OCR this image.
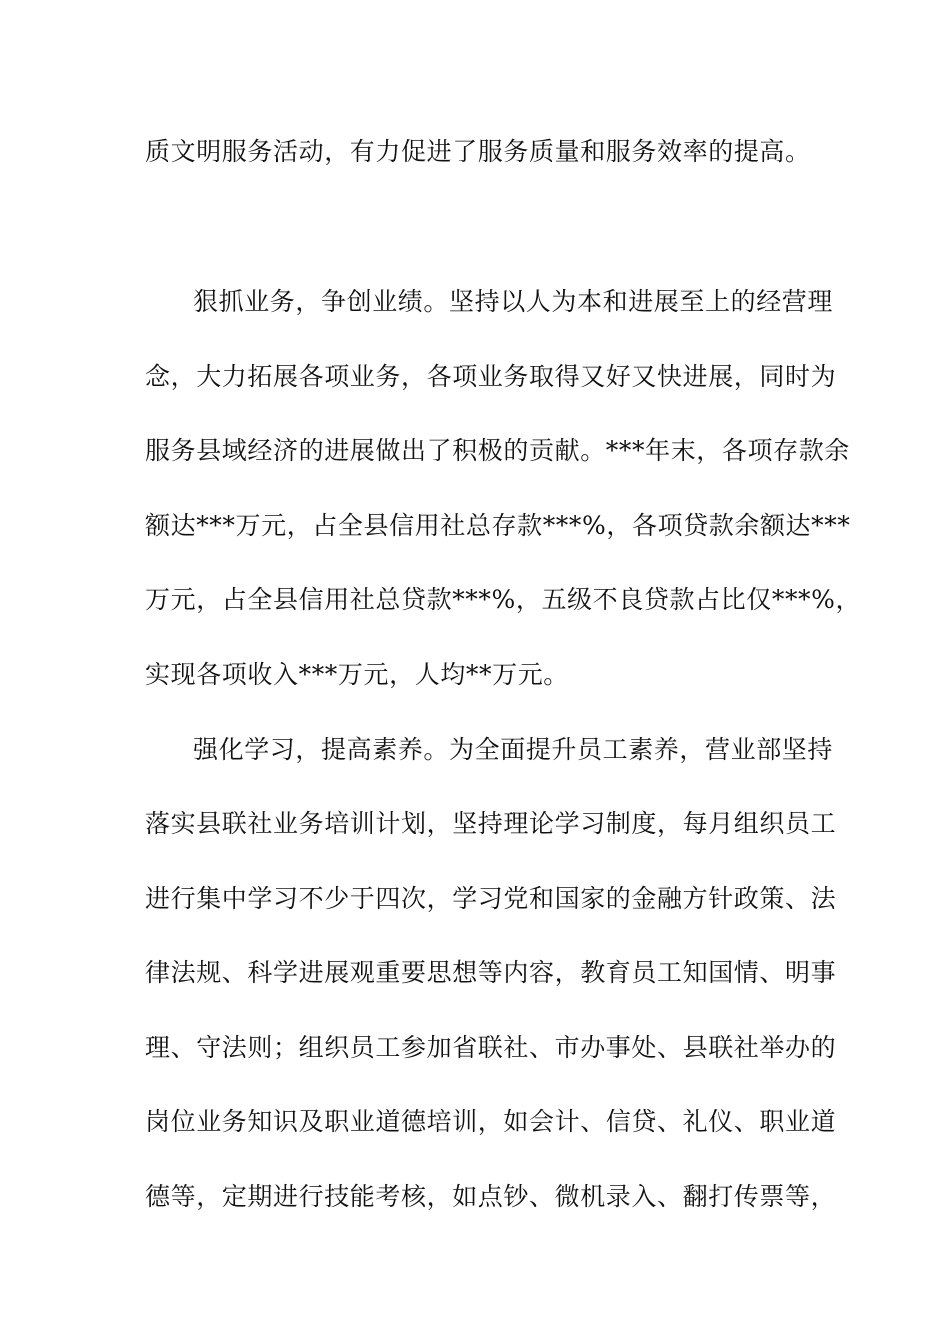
质文明服务活动，有力促进了服务质量和服务效率的提高。
狠抓业务，争创业绩。坚持以人为本和进展至上的经营理
念，大力拓展各项业务，各项业务取得又好又快进展，同时为
服务县域经济的进展做出了积极的贡献。***年末，各项存款余
额达***万元，占全县信用社总存款***%，各项贷款余额达***
万元，占全县信用社总贷款***%，五级不良贷款占比仅***%，
实现各项收入***万元，人均**万元。
强化学习，提高素养。为全面提升员工素养，营业部坚持
落实县联社业务培训计划，坚持理论学习制度，每月组织员工
进行集中学习不少于四次，学习党和国家的金融方针政策、法
律法规、科学进展观重要思想等内容，教育员工知国情、明事
理、守法则；组织员工参加省联社、市办事处、县联社举办的
岗位业务知识及职业道德培训，如会计、信贷、礼仪、职业道
德等，定期进行技能考核，如点钞、微机录入、翻打传票等，
